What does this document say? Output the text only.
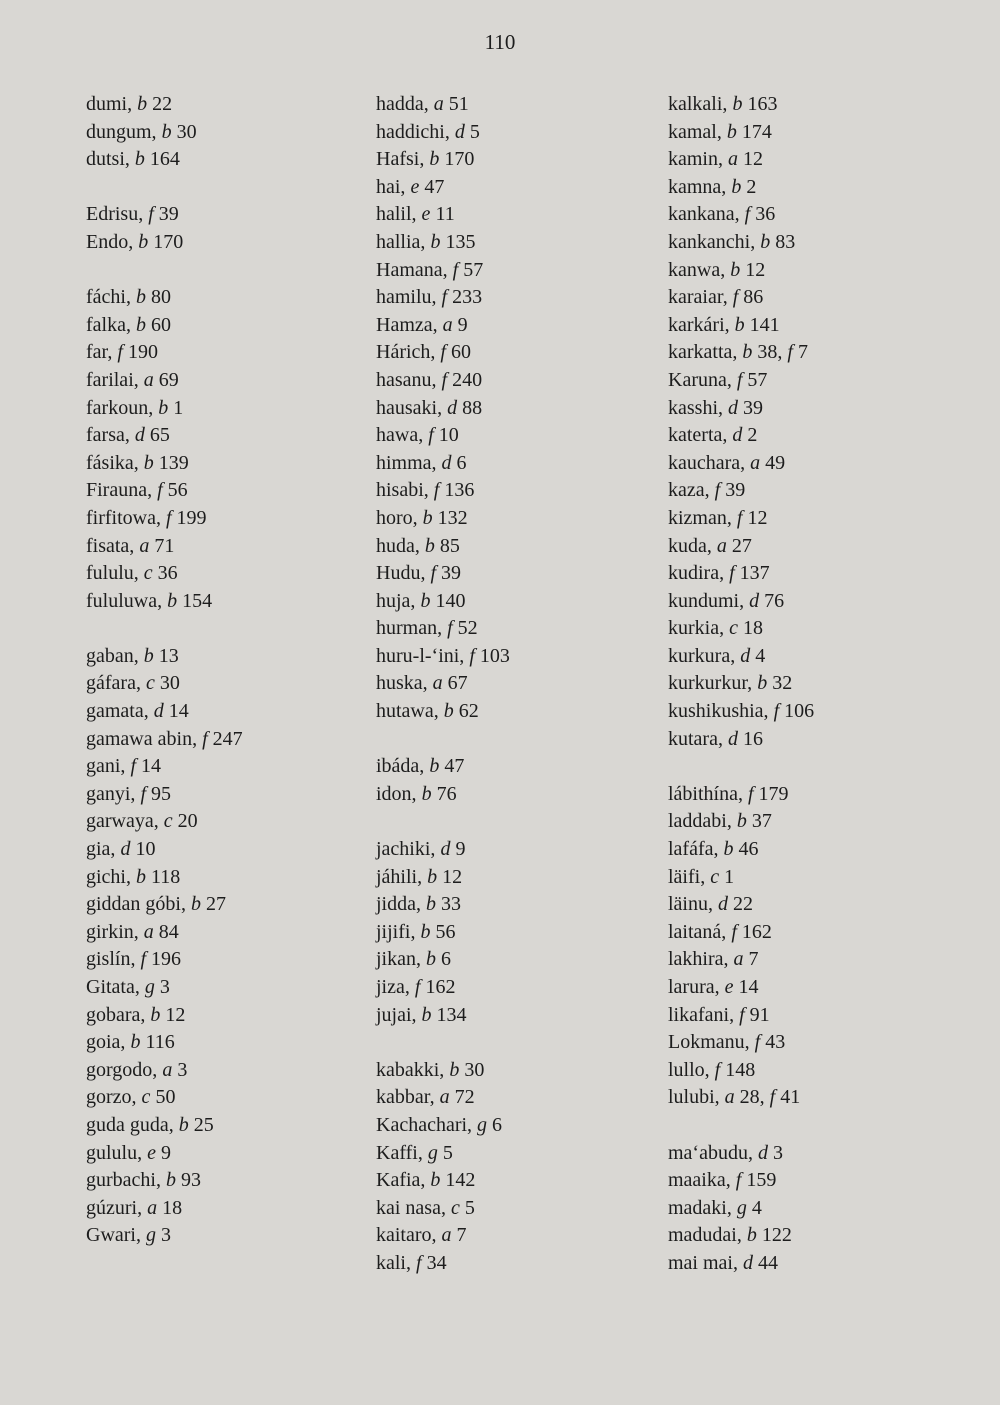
110
dumi, b 22
dungum, b 30
dutsi, b 164
Edrisu, f 39
Endo, b 170
fáchi, b 80
falka, b 60
far, f 190
farilai, a 69
farkoun, b 1
farsa, d 65
fásika, b 139
Firauna, f 56
firfitowa, f 199
fisata, a 71
fululu, c 36
fululuwa, b 154
gaban, b 13
gáfara, c 30
gamata, d 14
gamawa abin, f 247
gani, f 14
ganyi, f 95
garwaya, c 20
gia, d 10
gichi, b 118
giddan góbi, b 27
girkin, a 84
gislín, f 196
Gitata, g 3
gobara, b 12
goia, b 116
gorgodo, a 3
gorzo, c 50
guda guda, b 25
gululu, e 9
gurbachi, b 93
gúzuri, a 18
Gwari, g 3
hadda, a 51
haddichi, d 5
Hafsi, b 170
hai, e 47
halil, e 11
hallia, b 135
Hamana, f 57
hamilu, f 233
Hamza, a 9
Hárich, f 60
hasanu, f 240
hausaki, d 88
hawa, f 10
himma, d 6
hisabi, f 136
horo, b 132
huda, b 85
Hudu, f 39
huja, b 140
hurman, f 52
huru-l-‘ini, f 103
huska, a 67
hutawa, b 62
ibáda, b 47
idon, b 76
jachiki, d 9
jáhili, b 12
jidda, b 33
jijifi, b 56
jikan, b 6
jiza, f 162
jujai, b 134
kabakki, b 30
kabbar, a 72
Kachachari, g 6
Kaffi, g 5
Kafia, b 142
kai nasa, c 5
kaitaro, a 7
kali, f 34
kalkali, b 163
kamal, b 174
kamin, a 12
kamna, b 2
kankana, f 36
kankanchi, b 83
kanwa, b 12
karaiar, f 86
karkári, b 141
karkatta, b 38, f 7
Karuna, f 57
kasshi, d 39
katerta, d 2
kauchara, a 49
kaza, f 39
kizman, f 12
kuda, a 27
kudira, f 137
kundumi, d 76
kurkia, c 18
kurkura, d 4
kurkurkur, b 32
kushikushia, f 106
kutara, d 16
lábithína, f 179
laddabi, b 37
lafáfa, b 46
läifi, c 1
läinu, d 22
laitaná, f 162
lakhira, a 7
larura, e 14
likafani, f 91
Lokmanu, f 43
lullo, f 148
lulubi, a 28, f 41
ma‘abudu, d 3
maaika, f 159
madaki, g 4
madudai, b 122
mai mai, d 44
